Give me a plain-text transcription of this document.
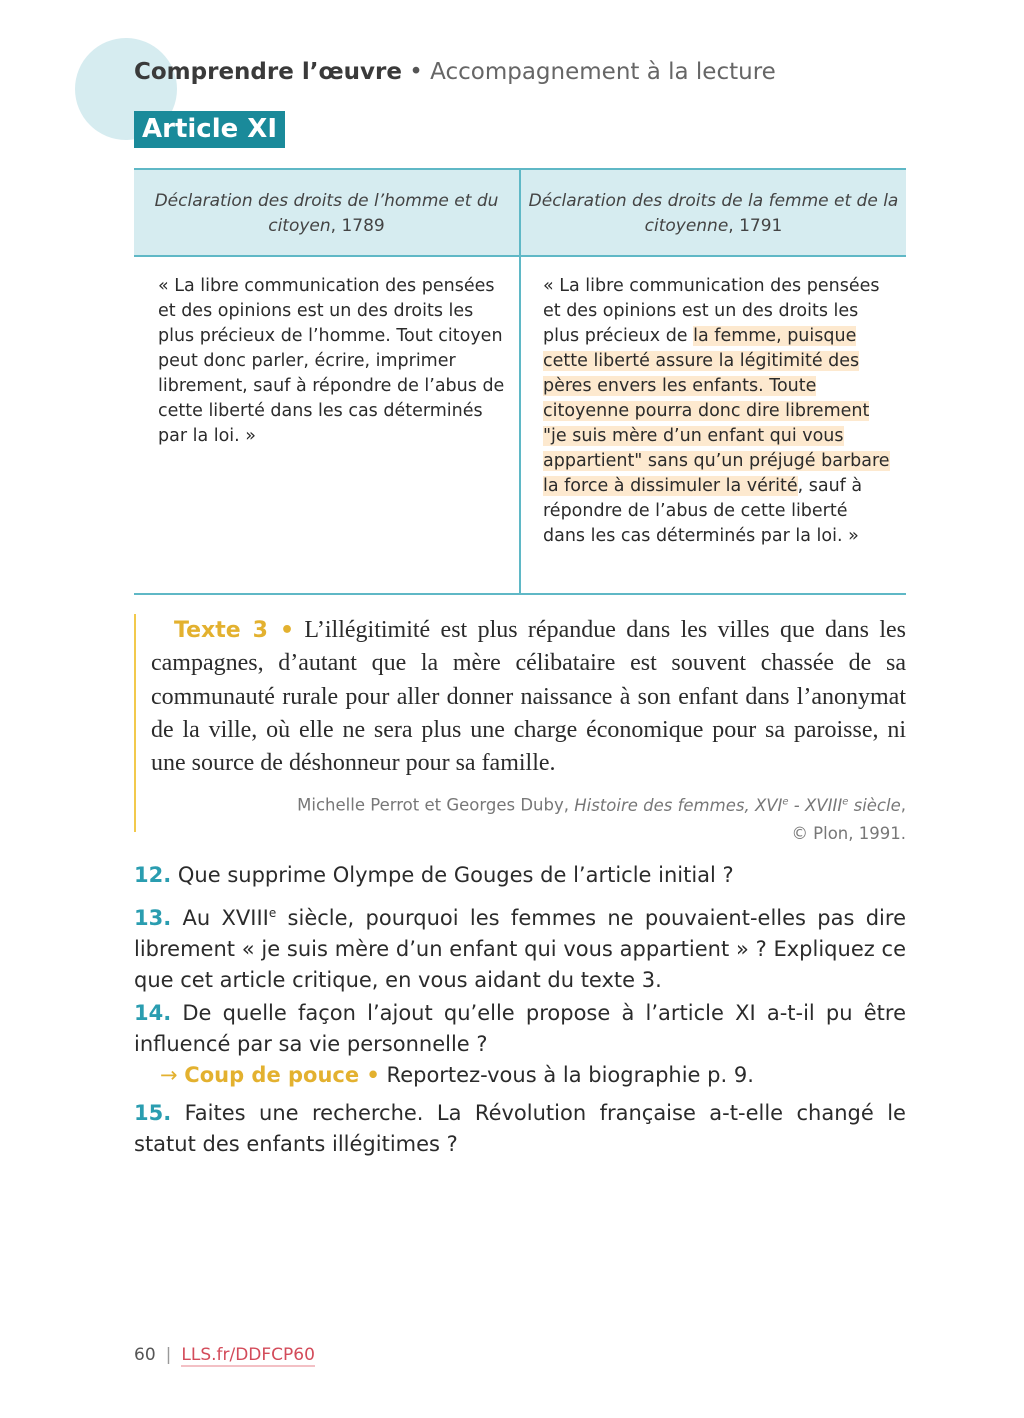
Comprendre l’œuvre • Accompagnement à la lecture
Article XI
Déclaration des droits de l’homme et du citoyen, 1789
Déclaration des droits de la femme et de la citoyenne, 1791
« La libre communication des pensées et des opinions est un des droits les plus précieux de l’homme. Tout citoyen peut donc parler, écrire, imprimer librement, sauf à répondre de l’abus de cette liberté dans les cas déterminés par la loi. »
« La libre communication des pensées et des opinions est un des droits les plus précieux de la femme, puisque cette liberté assure la légitimité des pères envers les enfants. Toute citoyenne pourra donc dire librement "je suis mère d’un enfant qui vous appartient" sans qu’un préjugé barbare la force à dissimuler la vérité, sauf à répondre de l’abus de cette liberté dans les cas déterminés par la loi. »
Texte 3 • L’illégitimité est plus répandue dans les villes que dans les campagnes, d’autant que la mère célibataire est souvent chassée de sa communauté rurale pour aller donner naissance à son enfant dans l’anonymat de la ville, où elle ne sera plus une charge économique pour sa paroisse, ni une source de déshonneur pour sa famille.
Michelle Perrot et Georges Duby, Histoire des femmes, XVIe - XVIIIe siècle,
© Plon, 1991.
12. Que supprime Olympe de Gouges de l’article initial ?
13. Au XVIIIe siècle, pourquoi les femmes ne pouvaient-elles pas dire librement « je suis mère d’un enfant qui vous appartient » ? Expliquez ce que cet article critique, en vous aidant du texte 3.
14. De quelle façon l’ajout qu’elle propose à l’article XI a-t-il pu être influencé par sa vie personnelle ?
→ Coup de pouce • Reportez-vous à la biographie p. 9.
15. Faites une recherche. La Révolution française a-t-elle changé le statut des enfants illégitimes ?
60 | LLS.fr/DDFCP60
